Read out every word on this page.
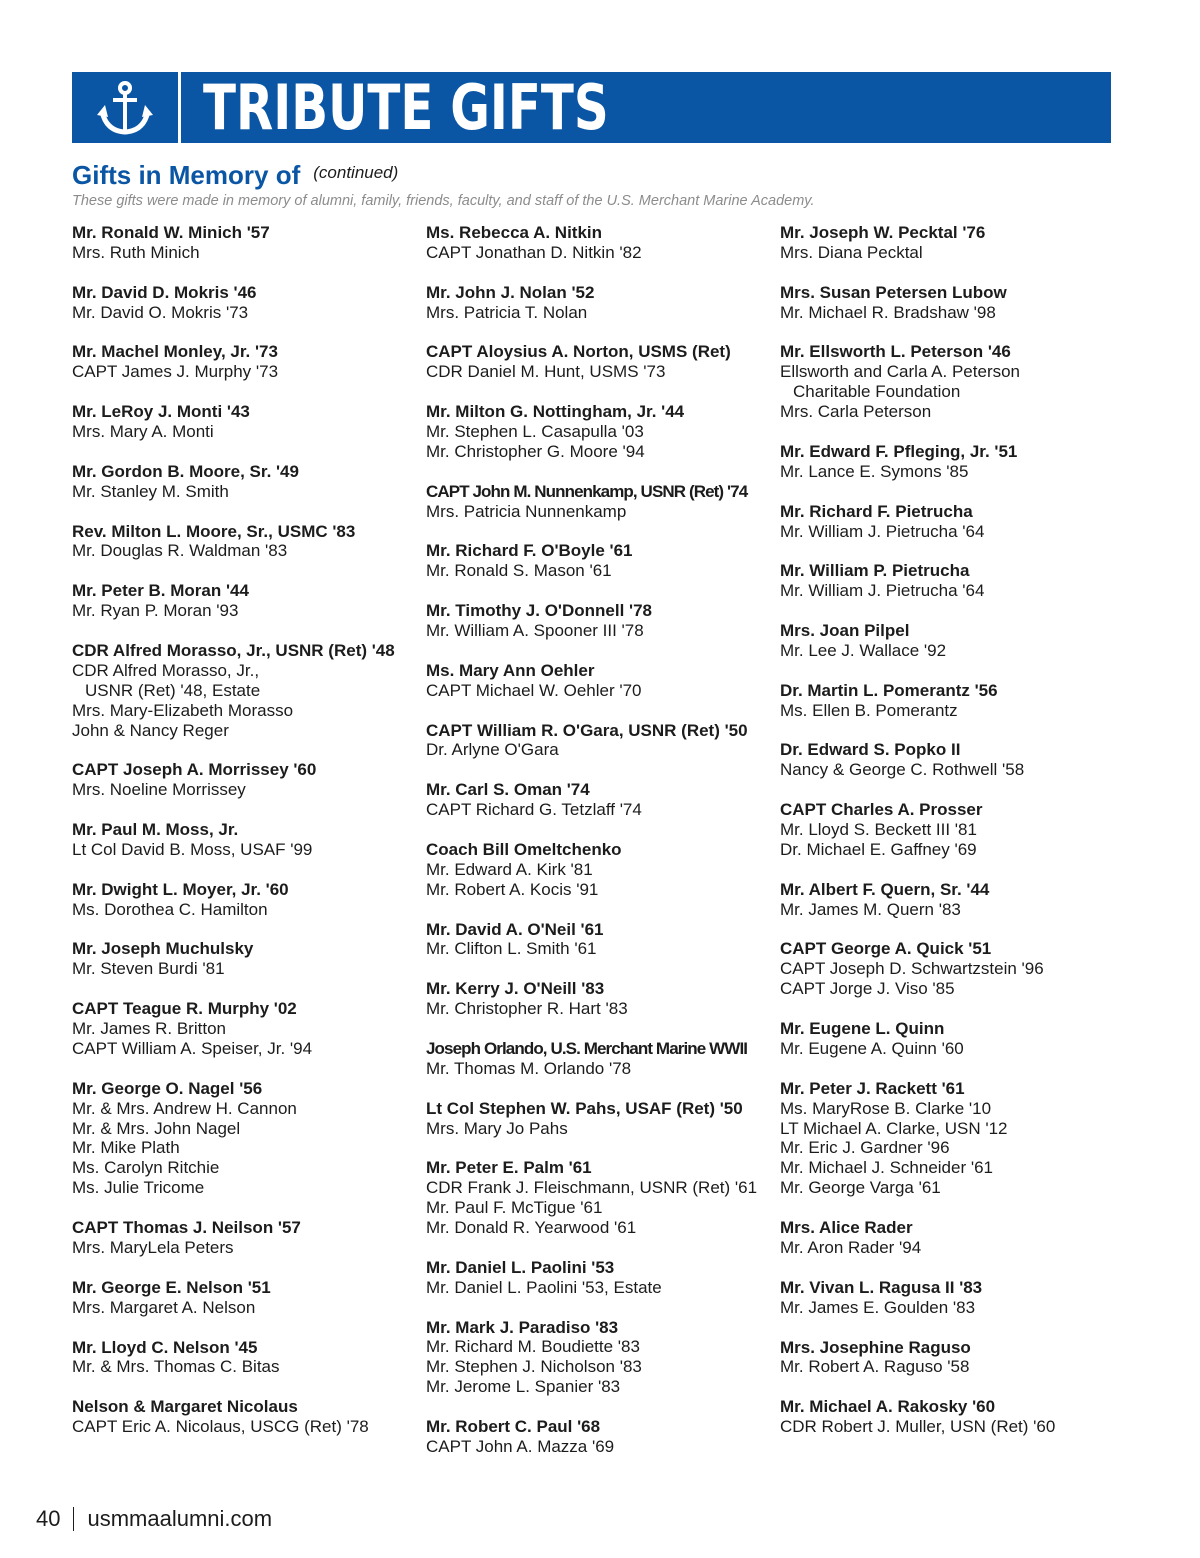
TRIBUTE GIFTS
Gifts in Memory of (continued)
These gifts were made in memory of alumni, family, friends, faculty, and staff of the U.S. Merchant Marine Academy.
Mr. Ronald W. Minich '57
Mrs. Ruth Minich
Mr. David D. Mokris '46
Mr. David O. Mokris '73
Mr. Machel Monley, Jr. '73
CAPT James J. Murphy '73
Mr. LeRoy J. Monti '43
Mrs. Mary A. Monti
Mr. Gordon B. Moore, Sr. '49
Mr. Stanley M. Smith
Rev. Milton L. Moore, Sr., USMC '83
Mr. Douglas R. Waldman '83
Mr. Peter B. Moran '44
Mr. Ryan P. Moran '93
CDR Alfred Morasso, Jr., USNR (Ret) '48
CDR Alfred Morasso, Jr.,
USNR (Ret) '48, Estate
Mrs. Mary-Elizabeth Morasso
John & Nancy Reger
CAPT Joseph A. Morrissey '60
Mrs. Noeline Morrissey
Mr. Paul M. Moss, Jr.
Lt Col David B. Moss, USAF '99
Mr. Dwight L. Moyer, Jr. '60
Ms. Dorothea C. Hamilton
Mr. Joseph Muchulsky
Mr. Steven Burdi '81
CAPT Teague R. Murphy '02
Mr. James R. Britton
CAPT William A. Speiser, Jr. '94
Mr. George O. Nagel '56
Mr. & Mrs. Andrew H. Cannon
Mr. & Mrs. John Nagel
Mr. Mike Plath
Ms. Carolyn Ritchie
Ms. Julie Tricome
CAPT Thomas J. Neilson '57
Mrs. MaryLela Peters
Mr. George E. Nelson '51
Mrs. Margaret A. Nelson
Mr. Lloyd C. Nelson '45
Mr. & Mrs. Thomas C. Bitas
Nelson & Margaret Nicolaus
CAPT Eric A. Nicolaus, USCG (Ret) '78
Ms. Rebecca A. Nitkin
CAPT Jonathan D. Nitkin '82
Mr. John J. Nolan '52
Mrs. Patricia T. Nolan
CAPT Aloysius A. Norton, USMS (Ret)
CDR Daniel M. Hunt, USMS '73
Mr. Milton G. Nottingham, Jr. '44
Mr. Stephen L. Casapulla '03
Mr. Christopher G. Moore '94
CAPT John M. Nunnenkamp, USNR (Ret) '74
Mrs. Patricia Nunnenkamp
Mr. Richard F. O'Boyle '61
Mr. Ronald S. Mason '61
Mr. Timothy J. O'Donnell '78
Mr. William A. Spooner III '78
Ms. Mary Ann Oehler
CAPT Michael W. Oehler '70
CAPT William R. O'Gara, USNR (Ret) '50
Dr. Arlyne O'Gara
Mr. Carl S. Oman '74
CAPT Richard G. Tetzlaff '74
Coach Bill Omeltchenko
Mr. Edward A. Kirk '81
Mr. Robert A. Kocis '91
Mr. David A. O'Neil '61
Mr. Clifton L. Smith '61
Mr. Kerry J. O'Neill '83
Mr. Christopher R. Hart '83
Joseph Orlando, U.S. Merchant Marine WWII
Mr. Thomas M. Orlando '78
Lt Col Stephen W. Pahs, USAF (Ret) '50
Mrs. Mary Jo Pahs
Mr. Peter E. Palm '61
CDR Frank J. Fleischmann, USNR (Ret) '61
Mr. Paul F. McTigue '61
Mr. Donald R. Yearwood '61
Mr. Daniel L. Paolini '53
Mr. Daniel L. Paolini '53, Estate
Mr. Mark J. Paradiso '83
Mr. Richard M. Boudiette '83
Mr. Stephen J. Nicholson '83
Mr. Jerome L. Spanier '83
Mr. Robert C. Paul '68
CAPT John A. Mazza '69
Mr. Joseph W. Pecktal '76
Mrs. Diana Pecktal
Mrs. Susan Petersen Lubow
Mr. Michael R. Bradshaw '98
Mr. Ellsworth L. Peterson '46
Ellsworth and Carla A. Peterson
Charitable Foundation
Mrs. Carla Peterson
Mr. Edward F. Pfleging, Jr. '51
Mr. Lance E. Symons '85
Mr. Richard F. Pietrucha
Mr. William J. Pietrucha '64
Mr. William P. Pietrucha
Mr. William J. Pietrucha '64
Mrs. Joan Pilpel
Mr. Lee J. Wallace '92
Dr. Martin L. Pomerantz '56
Ms. Ellen B. Pomerantz
Dr. Edward S. Popko II
Nancy & George C. Rothwell '58
CAPT Charles A. Prosser
Mr. Lloyd S. Beckett III '81
Dr. Michael E. Gaffney '69
Mr. Albert F. Quern, Sr. '44
Mr. James M. Quern '83
CAPT George A. Quick '51
CAPT Joseph D. Schwartzstein '96
CAPT Jorge J. Viso '85
Mr. Eugene L. Quinn
Mr. Eugene A. Quinn '60
Mr. Peter J. Rackett '61
Ms. MaryRose B. Clarke '10
LT Michael A. Clarke, USN '12
Mr. Eric J. Gardner '96
Mr. Michael J. Schneider '61
Mr. George Varga '61
Mrs. Alice Rader
Mr. Aron Rader '94
Mr. Vivan L. Ragusa II '83
Mr. James E. Goulden '83
Mrs. Josephine Raguso
Mr. Robert A. Raguso '58
Mr. Michael A. Rakosky '60
CDR Robert J. Muller, USN (Ret) '60
40 usmmaalumni.com
